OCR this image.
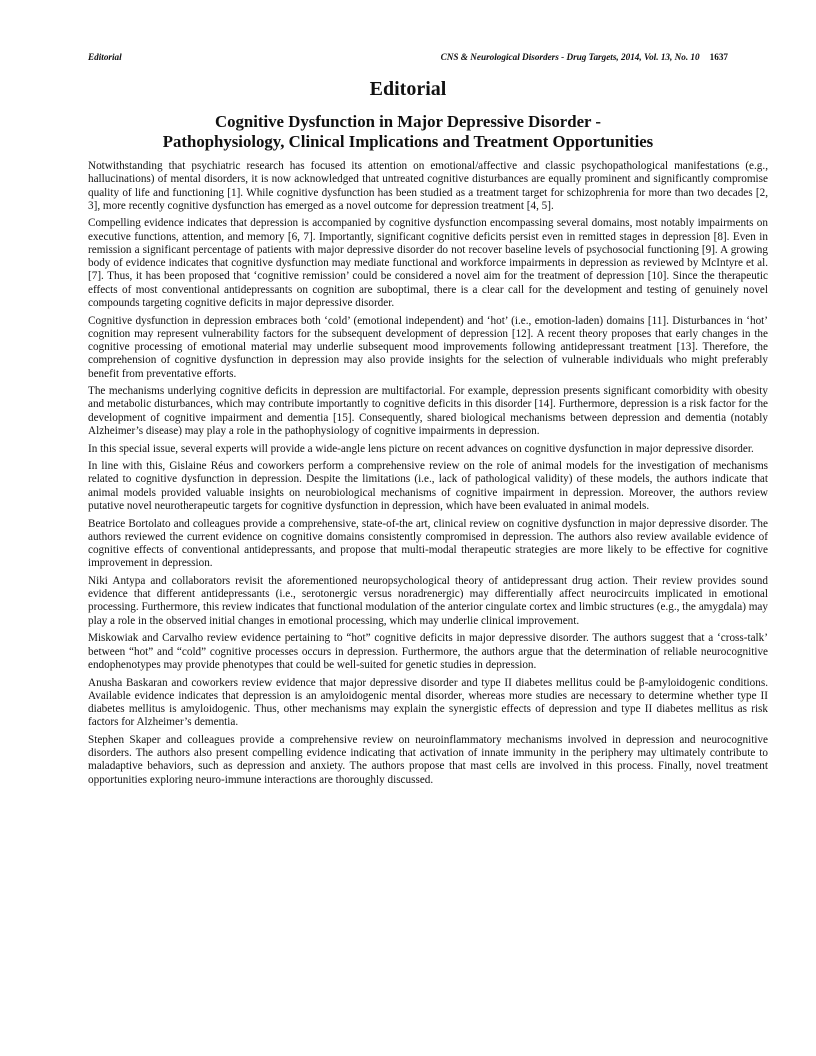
Editorial	CNS & Neurological Disorders - Drug Targets, 2014, Vol. 13, No. 10 1637
Editorial
Cognitive Dysfunction in Major Depressive Disorder -
Pathophysiology, Clinical Implications and Treatment Opportunities

Notwithstanding that psychiatric research has focused its attention on emotional/affective and classic psychopathological manifestations (e.g., hallucinations) of mental disorders, it is now acknowledged that untreated cognitive disturbances are equally prominent and significantly compromise quality of life and functioning [1]. While cognitive dysfunction has been studied as a treatment target for schizophrenia for more than two decades [2, 3], more recently cognitive dysfunction has emerged as a novel outcome for depression treatment [4, 5].

Compelling evidence indicates that depression is accompanied by cognitive dysfunction encompassing several domains, most notably impairments on executive functions, attention, and memory [6, 7]. Importantly, significant cognitive deficits persist even in remitted stages in depression [8]. Even in remission a significant percentage of patients with major depressive disorder do not recover baseline levels of psychosocial functioning [9]. A growing body of evidence indicates that cognitive dysfunction may mediate functional and workforce impairments in depression as reviewed by McIntyre et al. [7]. Thus, it has been proposed that ‘cognitive remission’ could be considered a novel aim for the treatment of depression [10]. Since the therapeutic effects of most conventional antidepressants on cognition are suboptimal, there is a clear call for the development and testing of genuinely novel compounds targeting cognitive deficits in major depressive disorder.

Cognitive dysfunction in depression embraces both ‘cold’ (emotional independent) and ‘hot’ (i.e., emotion-laden) domains [11]. Disturbances in ‘hot’ cognition may represent vulnerability factors for the subsequent development of depression [12]. A recent theory proposes that early changes in the cognitive processing of emotional material may underlie subsequent mood improvements following antidepressant treatment [13]. Therefore, the comprehension of cognitive dysfunction in depression may also provide insights for the selection of vulnerable individuals who might preferably benefit from preventative efforts.

The mechanisms underlying cognitive deficits in depression are multifactorial. For example, depression presents significant comorbidity with obesity and metabolic disturbances, which may contribute importantly to cognitive deficits in this disorder [14]. Furthermore, depression is a risk factor for the development of cognitive impairment and dementia [15]. Consequently, shared biological mechanisms between depression and dementia (notably Alzheimer’s disease) may play a role in the pathophysiology of cognitive impairments in depression.

In this special issue, several experts will provide a wide-angle lens picture on recent advances on cognitive dysfunction in major depressive disorder.

In line with this, Gislaine Réus and coworkers perform a comprehensive review on the role of animal models for the investigation of mechanisms related to cognitive dysfunction in depression. Despite the limitations (i.e., lack of pathological validity) of these models, the authors indicate that animal models provided valuable insights on neurobiological mechanisms of cognitive impairment in depression. Moreover, the authors review putative novel neurotherapeutic targets for cognitive dysfunction in depression, which have been evaluated in animal models.

Beatrice Bortolato and colleagues provide a comprehensive, state-of-the art, clinical review on cognitive dysfunction in major depressive disorder. The authors reviewed the current evidence on cognitive domains consistently compromised in depression. The authors also review available evidence of cognitive effects of conventional antidepressants, and propose that multi-modal therapeutic strategies are more likely to be effective for cognitive improvement in depression.

Niki Antypa and collaborators revisit the aforementioned neuropsychological theory of antidepressant drug action. Their review provides sound evidence that different antidepressants (i.e., serotonergic versus noradrenergic) may differentially affect neurocircuits implicated in emotional processing. Furthermore, this review indicates that functional modulation of the anterior cingulate cortex and limbic structures (e.g., the amygdala) may play a role in the observed initial changes in emotional processing, which may underlie clinical improvement.

Miskowiak and Carvalho review evidence pertaining to “hot” cognitive deficits in major depressive disorder. The authors suggest that a ‘cross-talk’ between “hot” and “cold” cognitive processes occurs in depression. Furthermore, the authors argue that the determination of reliable neurocognitive endophenotypes may provide phenotypes that could be well-suited for genetic studies in depression.

Anusha Baskaran and coworkers review evidence that major depressive disorder and type II diabetes mellitus could be β-amyloidogenic conditions. Available evidence indicates that depression is an amyloidogenic mental disorder, whereas more studies are necessary to determine whether type II diabetes mellitus is amyloidogenic. Thus, other mechanisms may explain the synergistic effects of depression and type II diabetes mellitus as risk factors for Alzheimer’s dementia.

Stephen Skaper and colleagues provide a comprehensive review on neuroinflammatory mechanisms involved in depression and neurocognitive disorders. The authors also present compelling evidence indicating that activation of innate immunity in the periphery may ultimately contribute to maladaptive behaviors, such as depression and anxiety. The authors propose that mast cells are involved in this process. Finally, novel treatment opportunities exploring neuro-immune interactions are thoroughly discussed.
